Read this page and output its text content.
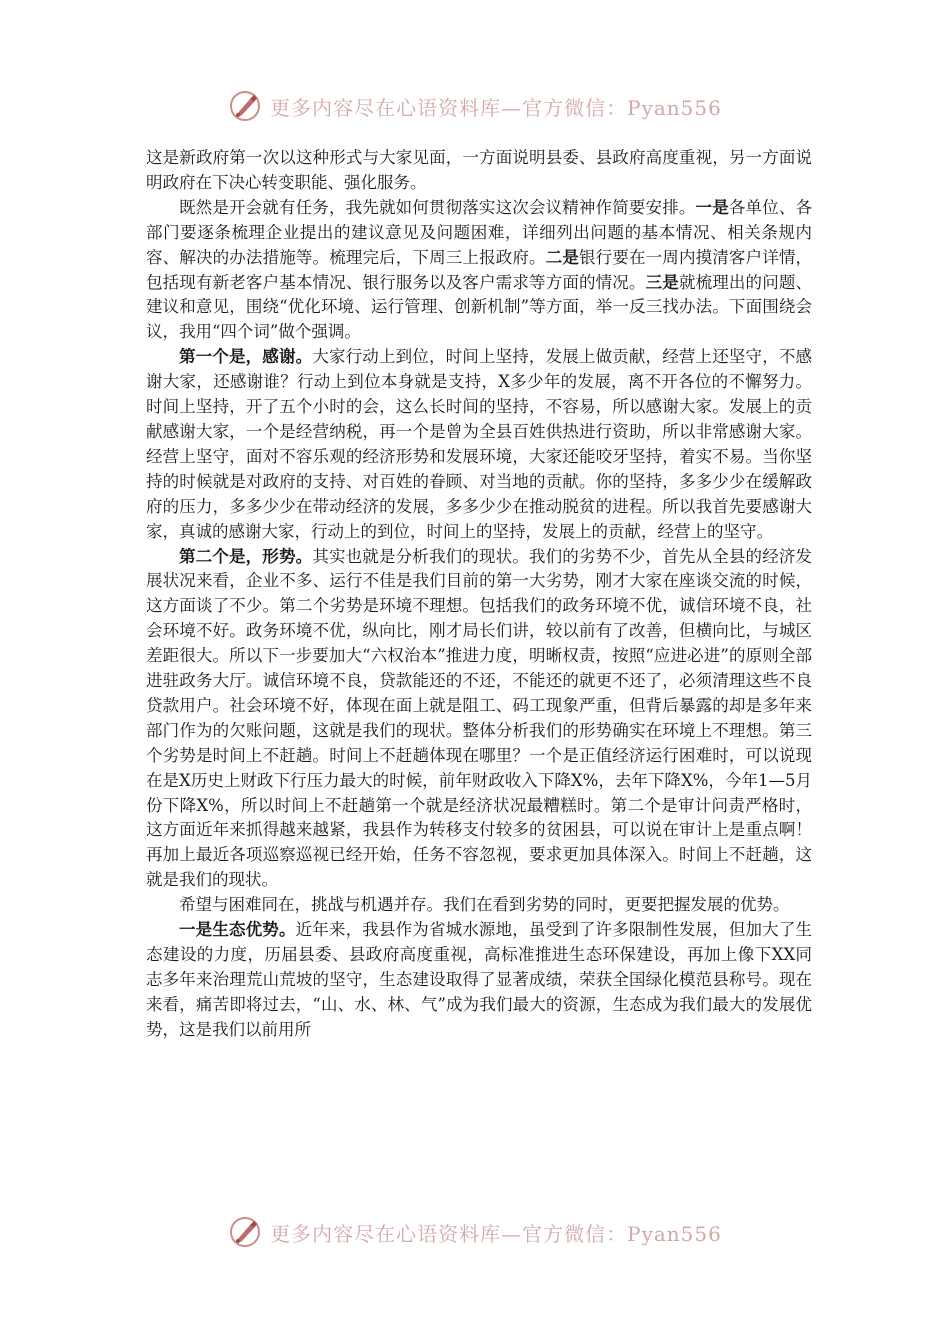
更多内容尽在心语资料库—官方微信：Pyan556

这是新政府第一次以这种形式与大家见面，一方面说明县委、县政府高度重视，另一方面说明政府在下决心转变职能、强化服务。

既然是开会就有任务，我先就如何贯彻落实这次会议精神作简要安排。一是各单位、各部门要逐条梳理企业提出的建议意见及问题困难，详细列出问题的基本情况、相关条规内容、解决的办法措施等。梳理完后，下周三上报政府。二是银行要在一周内摸清客户详情，包括现有新老客户基本情况、银行服务以及客户需求等方面的情况。三是就梳理出的问题、建议和意见，围绕“优化环境、运行管理、创新机制”等方面，举一反三找办法。下面围绕会议，我用“四个词”做个强调。

第一个是，感谢。大家行动上到位，时间上坚持，发展上做贡献，经营上还坚守，不感谢大家，还感谢谁？行动上到位本身就是支持，X多少年的发展，离不开各位的不懈努力。时间上坚持，开了五个小时的会，这么长时间的坚持，不容易，所以感谢大家。发展上的贡献感谢大家，一个是经营纳税，再一个是曾为全县百姓供热进行资助，所以非常感谢大家。经营上坚守，面对不容乐观的经济形势和发展环境，大家还能咬牙坚持，着实不易。当你坚持的时候就是对政府的支持、对百姓的眷顾、对当地的贡献。你的坚持，多多少少在缓解政府的压力，多多少少在带动经济的发展，多多少少在推动脱贫的进程。所以我首先要感谢大家，真诚的感谢大家，行动上的到位，时间上的坚持，发展上的贡献，经营上的坚守。

第二个是，形势。其实也就是分析我们的现状。我们的劣势不少，首先从全县的经济发展状况来看，企业不多、运行不佳是我们目前的第一大劣势，刚才大家在座谈交流的时候，这方面谈了不少。第二个劣势是环境不理想。包括我们的政务环境不优，诚信环境不良，社会环境不好。政务环境不优，纵向比，刚才局长们讲，较以前有了改善，但横向比，与城区差距很大。所以下一步要加大“六权治本”推进力度，明晰权责，按照“应进必进”的原则全部进驻政务大厅。诚信环境不良，贷款能还的不还，不能还的就更不还了，必须清理这些不良贷款用户。社会环境不好，体现在面上就是阻工、码工现象严重，但背后暴露的却是多年来部门作为的欠账问题，这就是我们的现状。整体分析我们的形势确实在环境上不理想。第三个劣势是时间上不赶趟。时间上不赶趟体现在哪里？一个是正值经济运行困难时，可以说现在是X历史上财政下行压力最大的时候，前年财政收入下降X%，去年下降X%，今年1—5月份下降X%，所以时间上不赶趟第一个就是经济状况最糟糕时。第二个是审计问责严格时，这方面近年来抓得越来越紧，我县作为转移支付较多的贫困县，可以说在审计上是重点啊！再加上最近各项巡察巡视已经开始，任务不容忽视，要求更加具体深入。时间上不赶趟，这就是我们的现状。

希望与困难同在，挑战与机遇并存。我们在看到劣势的同时，更要把握发展的优势。

一是生态优势。近年来，我县作为省城水源地，虽受到了许多限制性发展，但加大了生态建设的力度，历届县委、县政府高度重视，高标准推进生态环保建设，再加上像下XX同志多年来治理荒山荒坡的坚守，生态建设取得了显著成绩，荣获全国绿化模范县称号。现在来看，痛苦即将过去，“山、水、林、气”成为我们最大的资源，生态成为我们最大的发展优势，这是我们以前用所

更多内容尽在心语资料库—官方微信：Pyan556
